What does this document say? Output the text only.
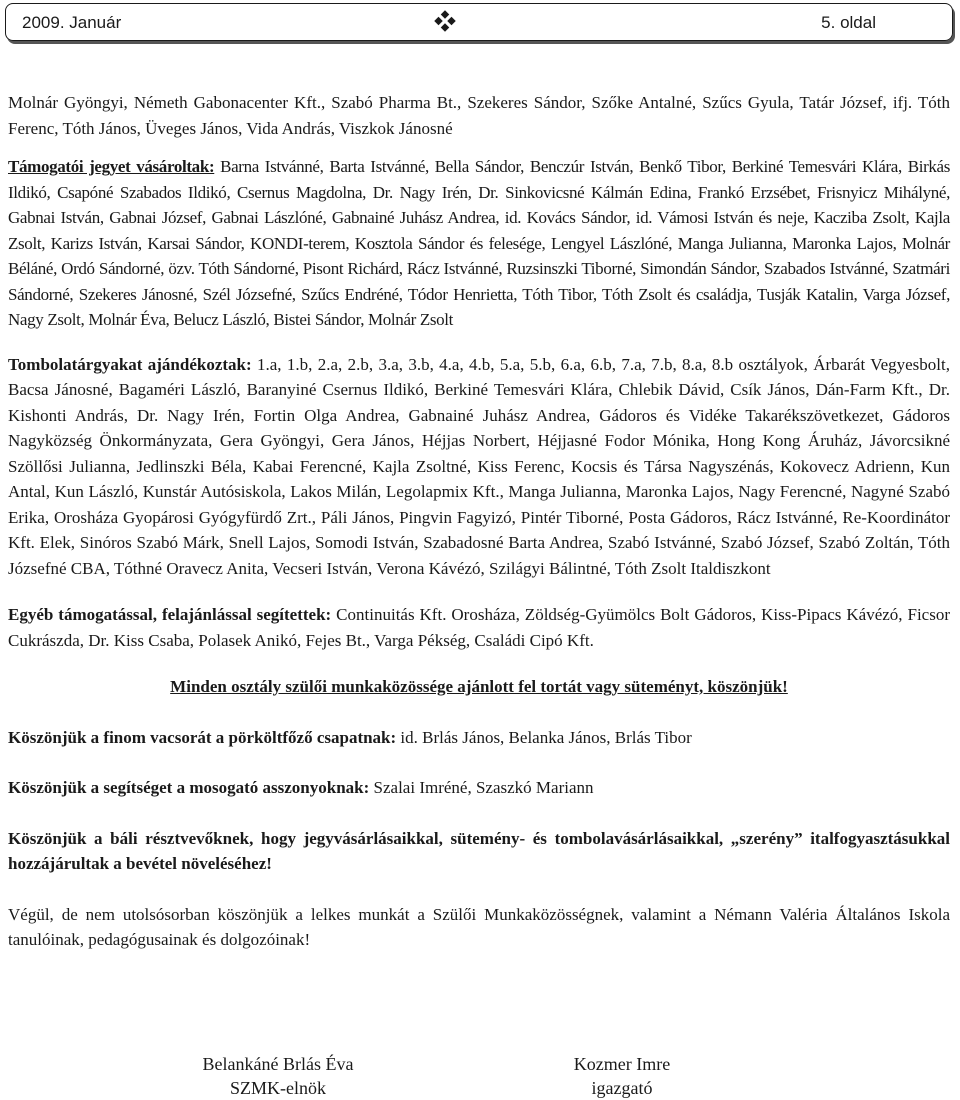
2009. Január	5. oldal

Molnár Gyöngyi, Németh Gabonacenter Kft., Szabó Pharma Bt., Szekeres Sándor, Szőke Antalné, Szűcs Gyula, Tatár József, ifj. Tóth Ferenc, Tóth János, Üveges János, Vida András, Viszkok Jánosné

Támogatói jegyet vásároltak: Barna Istvánné, Barta Istvánné, Bella Sándor, Benczúr István, Benkő Tibor, Berkiné Temesvári Klára, Birkás Ildikó, Csapóné Szabados Ildikó, Csernus Magdolna, Dr. Nagy Irén, Dr. Sinkovicsné Kálmán Edina, Frankó Erzsébet, Frisnyicz Mihályné, Gabnai István, Gabnai József, Gabnai Lászlóné, Gabnainé Juhász Andrea, id. Kovács Sándor, id. Vámosi István és neje, Kacziba Zsolt, Kajla Zsolt, Karizs István, Karsai Sándor, KONDI-terem, Kosztola Sándor és felesége, Lengyel Lászlóné, Manga Julianna, Maronka Lajos, Molnár Béláné, Ordó Sándorné, özv. Tóth Sándorné, Pisont Richárd, Rácz Istvánné, Ruzsinszki Tiborné, Simondán Sándor, Szabados Istvánné, Szatmári Sándorné, Szekeres Jánosné, Szél Józsefné, Szűcs Endréné, Tódor Henrietta, Tóth Tibor, Tóth Zsolt és családja, Tusják Katalin, Varga József, Nagy Zsolt, Molnár Éva, Belucz László, Bistei Sándor, Molnár Zsolt

Tombolatárgyakat ajándékoztak: 1.a, 1.b, 2.a, 2.b, 3.a, 3.b, 4.a, 4.b, 5.a, 5.b, 6.a, 6.b, 7.a, 7.b, 8.a, 8.b osztályok, Árbarát Vegyesbolt, Bacsa Jánosné, Bagaméri László, Baranyiné Csernus Ildikó, Berkiné Temesvári Klára, Chlebik Dávid, Csík János, Dán-Farm Kft., Dr. Kishonti András, Dr. Nagy Irén, Fortin Olga Andrea, Gabnainé Juhász Andrea, Gádoros és Vidéke Takarékszövetkezet, Gádoros Nagyközség Önkormányzata, Gera Gyöngyi, Gera János, Héjjas Norbert, Héjjasné Fodor Mónika, Hong Kong Áruház, Jávorcsikné Szöllősi Julianna, Jedlinszki Béla, Kabai Ferencné, Kajla Zsoltné, Kiss Ferenc, Kocsis és Társa Nagyszénás, Kokovecz Adrienn, Kun Antal, Kun László, Kunstár Autósiskola, Lakos Milán, Legolapmix Kft., Manga Julianna, Maronka Lajos, Nagy Ferencné, Nagyné Szabó Erika, Orosháza Gyopárosi Gyógyfürdő Zrt., Páli János, Pingvin Fagyizó, Pintér Tiborné, Posta Gádoros, Rácz Istvánné, Re-Koordinátor Kft. Elek, Sinóros Szabó Márk, Snell Lajos, Somodi István, Szabadosné Barta Andrea, Szabó Istvánné, Szabó József, Szabó Zoltán, Tóth Józsefné CBA, Tóthné Oravecz Anita, Vecseri István, Verona Kávézó, Szilágyi Bálintné, Tóth Zsolt Italdiszkont

Egyéb támogatással, felajánlással segítettek: Continuitás Kft. Orosháza, Zöldség-Gyümölcs Bolt Gádoros, Kiss-Pipacs Kávézó, Ficsor Cukrászda, Dr. Kiss Csaba, Polasek Anikó, Fejes Bt., Varga Pékség, Családi Cipó Kft.

Minden osztály szülői munkaközössége ajánlott fel tortát vagy süteményt, köszönjük!

Köszönjük a finom vacsorát a pörköltfőző csapatnak: id. Brlás János, Belanka János, Brlás Tibor

Köszönjük a segítséget a mosogató asszonyoknak: Szalai Imréné, Szaszkó Mariann

Köszönjük a báli résztvevőknek, hogy jegyvásárlásaikkal, sütemény- és tombolavásárlásaikkal, „szerény” italfogyasztásukkal hozzájárultak a bevétel növeléséhez!

Végül, de nem utolsósorban köszönjük a lelkes munkát a Szülői Munkaközösségnek, valamint a Némann Valéria Általános Iskola tanulóinak, pedagógusainak és dolgozóinak!

Belankáné Brlás Éva
SZMK-elnök
Kozmer Imre
igazgató
